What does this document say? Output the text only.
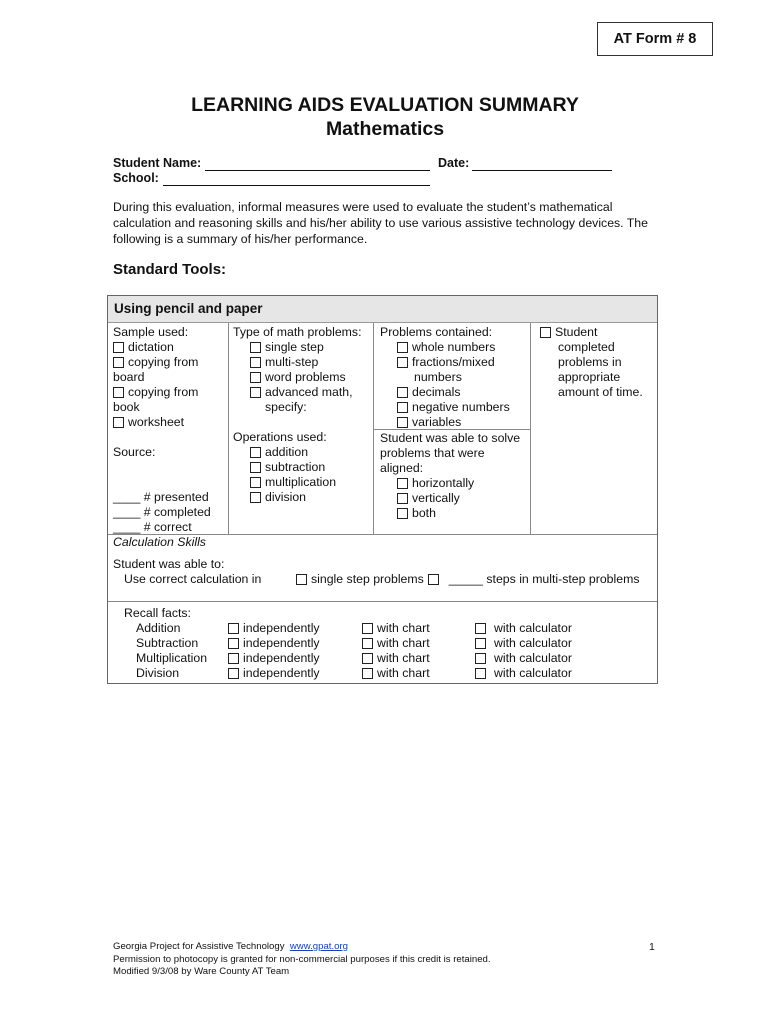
AT Form # 8
LEARNING AIDS EVALUATION SUMMARY
Mathematics
Student Name:	Date:
School:
During this evaluation, informal measures were used to evaluate the student’s mathematical calculation and reasoning skills and his/her ability to use various assistive technology devices. The following is a summary of his/her performance.
Standard Tools:
Using pencil and paper
Sample used:
dictation
copying from
board
copying from
book
worksheet
Source:
____ # presented
____ # completed
____ # correct
Type of math problems:
single step
multi-step
word problems
advanced math,
specify:
Operations used:
addition
subtraction
multiplication
division
Problems contained:
whole numbers
fractions/mixed
numbers
decimals
negative numbers
variables
Student was able to solve
problems that were
aligned:
horizontally
vertically
both
Student
completed
problems in
appropriate
amount of time.
Calculation Skills
Student was able to:
Use correct calculation in	single step problems _____ steps in multi-step problems
Recall facts:
Addition
Subtraction
Multiplication
Division
independently
independently
independently
independently
with chart
with chart
with chart
with chart
with calculator
with calculator
with calculator
with calculator
Georgia Project for Assistive Technology www.gpat.org
Permission to photocopy is granted for non-commercial purposes if this credit is retained.
Modified 9/3/08 by Ware County AT Team
1
